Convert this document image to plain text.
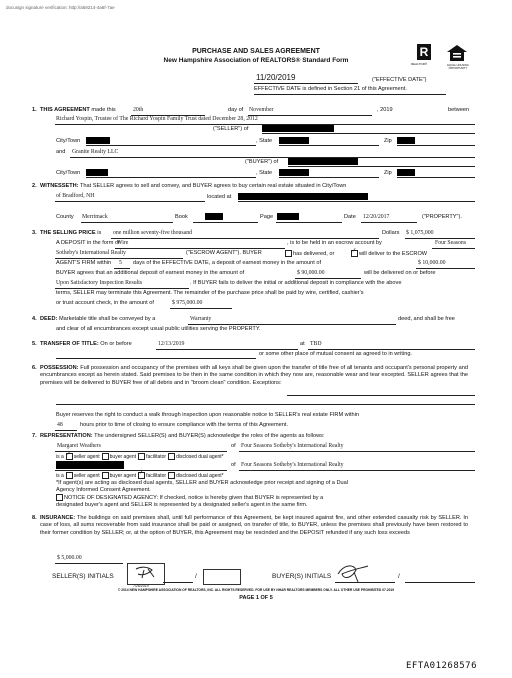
docusign signature verification: http://a59214-4a6f-7ae
PURCHASE AND SALES AGREEMENT
New Hampshire Association of REALTORS® Standard Form
R
REALTOR®	EQUAL HOUSING OPPORTUNITY
11/20/2019	("EFFECTIVE DATE")
EFFECTIVE DATE is defined in Section 21 of this Agreement.
1. THIS AGREEMENT made this	20th	day of November	, 2019	between
Richard Yospin, Trustee of The Richard Yospin Family Trust dated December 28, 2012
("SELLER") of
City/Town	, State	Zip
and Granite Realty LLC
("BUYER") of
City/Town	, State	Zip
2. WITNESSETH: That SELLER agrees to sell and convey, and BUYER agrees to buy certain real estate situated in City/Town
of Bradford, NH	located at
County Merrimack	Book	Page	Date 12/20/2017	("PROPERTY").
3. THE SELLING PRICE is one million seventy-five thousand	Dollars $ 1,075,000
A DEPOSIT in the form of
Wire	, is to be held in an escrow account by	Four Seasons
Sotheby's International Realty	("ESCROW AGENT"). BUYER	has delivered, or ✓	will deliver to the ESCROW
AGENT'S FIRM within 5 days of the EFFECTIVE DATE, a deposit of earnest money in the amount of	$ 10,000.00
BUYER agrees that an additional deposit of earnest money in the amount of	$ 90,000.00	will be delivered on or before
Upon Satisfactory Inspection Results	. If BUYER fails to deliver the initial or additional deposit in compliance with the above
terms, SELLER may terminate this Agreement. The remainder of the purchase price shall be paid by wire, certified, cashier's
or trust account check, in the amount of	$ 975,000.00
4. DEED: Marketable title shall be conveyed by a	Warranty	deed, and shall be free
and clear of all encumbrances except usual public utilities serving the PROPERTY.
5. TRANSFER OF TITLE: On or before	12/13/2019	at TBD
or some other place of mutual consent as agreed to in writing.
6. POSSESSION: Full possession and occupancy of the premises with all keys shall be given upon the transfer of title free of all tenants and occupant's personal property and encumbrances except as herein stated. Said premises to be then in the same condition in which they now are, reasonable wear and tear excepted. SELLER agrees that the premises will be delivered to BUYER free of all debris and in "broom clean" condition. Exceptions:
Buyer reserves the right to conduct a walk through inspection upon reasonable notice to SELLER's real estate FIRM within
48	hours prior to time of closing to ensure compliance with the terms of this Agreement.
7. REPRESENTATION: The undersigned SELLER(S) and BUYER(S) acknowledge the roles of the agents as follows:
Margaret Weathers	of Four Seasons Sotheby's International Realty
is a ✓ seller agent buyer agent facilitator disclosed dual agent*
of Four Seasons Sotheby's International Realty
is a seller agent buyer agent ✓ facilitator disclosed dual agent*
*If agent(s) are acting as disclosed dual agents, SELLER and BUYER acknowledge prior receipt and signing of a Dual
Agency Informed Consent Agreement.
NOTICE OF DESIGNATED AGENCY: If checked, notice is hereby given that BUYER is represented by a
designated buyer's agent and SELLER is represented by a designated seller's agent in the same firm.
8. INSURANCE: The buildings on said premises shall, until full performance of this Agreement, be kept insured against fire, and other extended casualty risk by SELLER. In case of loss, all sums recoverable from said insurance shall be paid or assigned, on transfer of title, to BUYER, unless the premises shall previously have been restored to their former condition by SELLER; or, at the option of BUYER, this Agreement may be rescinded and the DEPOSIT refunded if any such loss exceeds
$ 5,000.00
SELLER(S) INITIALS
7/26/2019
/	BUYER(S) INITIALS	/
© 2014 NEW HAMPSHIRE ASSOCIATION OF REALTORS, INC. ALL RIGHTS RESERVED. FOR USE BY NHAR REALTORS MEMBERS ONLY. ALL OTHER USE PROHIBITED 07.2019
PAGE 1 OF 5
EFTA01268576
